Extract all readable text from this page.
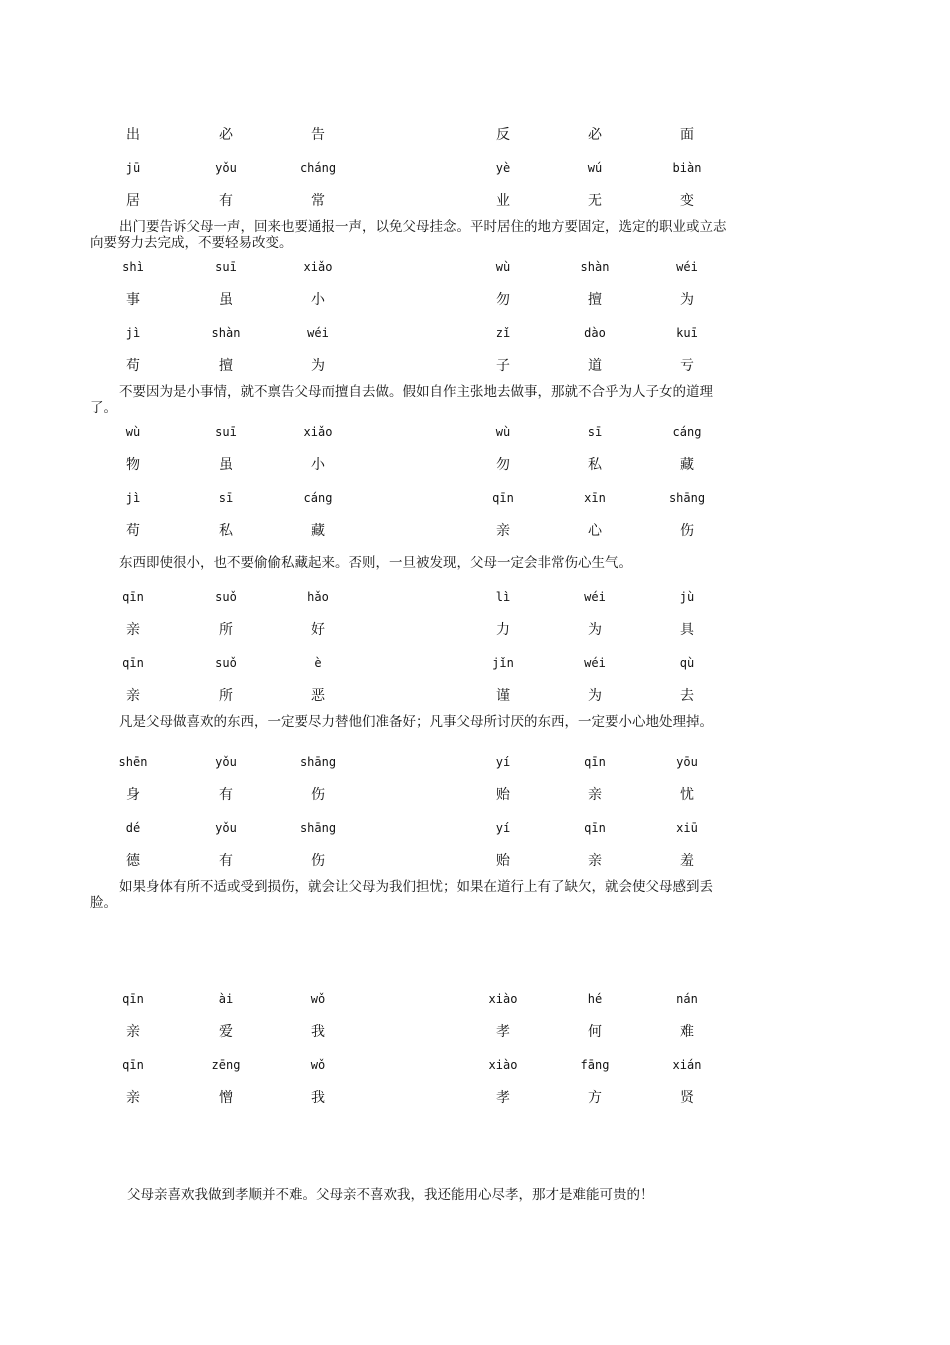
出	必	告	反	必	面
jū	yǒu	cháng	yè	wú	biàn
居	有	常	业	无	变

出门要告诉父母一声，回来也要通报一声，以免父母挂念。平时居住的地方要固定，选定的职业或立志向要努力去完成，不要轻易改变。

shì	suī	xiǎo	wù	shàn	wéi
事	虽	小	勿	擅	为
jì	shàn	wéi	zǐ	dào	kuī
苟	擅	为	子	道	亏

不要因为是小事情，就不禀告父母而擅自去做。假如自作主张地去做事，那就不合乎为人子女的道理了。

wù	suī	xiǎo	wù	sī	cáng
物	虽	小	勿	私	藏
jì	sī	cáng	qīn	xīn	shāng
苟	私	藏	亲	心	伤

东西即使很小，也不要偷偷私藏起来。否则，一旦被发现，父母一定会非常伤心生气。

qīn	suǒ	hǎo	lì	wéi	jù
亲	所	好	力	为	具
qīn	suǒ	è	jǐn	wéi	qù
亲	所	恶	谨	为	去

凡是父母做喜欢的东西，一定要尽力替他们准备好；凡事父母所讨厌的东西，一定要小心地处理掉。

shēn	yǒu	shāng	yí	qīn	yōu
身	有	伤	贻	亲	忧
dé	yǒu	shāng	yí	qīn	xiū
德	有	伤	贻	亲	羞

如果身体有所不适或受到损伤，就会让父母为我们担忧；如果在道行上有了缺欠，就会使父母感到丢脸。

qīn	ài	wǒ	xiào	hé	nán
亲	爱	我	孝	何	难
qīn	zēng	wǒ	xiào	fāng	xián
亲	憎	我	孝	方	贤

父母亲喜欢我做到孝顺并不难。父母亲不喜欢我，我还能用心尽孝，那才是难能可贵的！
